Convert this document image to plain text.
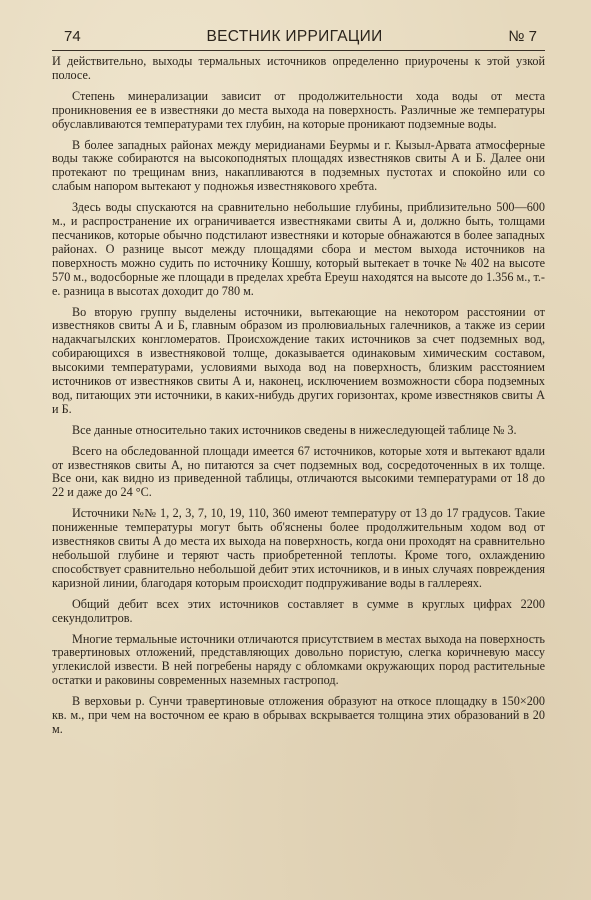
74	ВЕСТНИК ИРРИГАЦИИ	№ 7

И действительно, выходы термальных источников определенно приурочены к этой узкой полосе.

Степень минерализации зависит от продолжительности хода воды от места проникновения ее в известняки до места выхода на поверхность. Различные же температуры обуславливаются температурами тех глубин, на которые проникают подземные воды.

В более западных районах между меридианами Беурмы и г. Кызыл-Арвата атмосферные воды также собираются на высокоподнятых площадях известняков свиты А и Б. Далее они протекают по трещинам вниз, накапливаются в подземных пустотах и спокойно или со слабым напором вытекают у подножья известнякового хребта.

Здесь воды спускаются на сравнительно небольшие глубины, приблизительно 500—600 м., и распространение их ограничивается известняками свиты А и, должно быть, толщами песчаников, которые обычно подстилают известняки и которые обнажаются в более западных районах. О разнице высот между площадями сбора и местом выхода источников на поверхность можно судить по источнику Кошшу, который вытекает в точке № 402 на высоте 570 м., водосборные же площади в пределах хребта Ереуш находятся на высоте до 1.356 м., т.-е. разница в высотах доходит до 780 м.

Во вторую группу выделены источники, вытекающие на некотором расстоянии от известняков свиты А и Б, главным образом из пролювиальных галечников, а также из серии надакчагылских конгломератов. Происхождение таких источников за счет подземных вод, собирающихся в известняковой толще, доказывается одинаковым химическим составом, высокими температурами, условиями выхода вод на поверхность, близким расстоянием источников от известняков свиты А и, наконец, исключением возможности сбора подземных вод, питающих эти источники, в каких-нибудь других горизонтах, кроме известняков свиты А и Б.

Все данные относительно таких источников сведены в нижеследующей таблице № 3.

Всего на обследованной площади имеется 67 источников, которые хотя и вытекают вдали от известняков свиты А, но питаются за счет подземных вод, сосредоточенных в их толще. Все они, как видно из приведенной таблицы, отличаются высокими температурами от 18 до 22 и даже до 24 °С.

Источники №№ 1, 2, 3, 7, 10, 19, 110, 360 имеют температуру от 13 до 17 градусов. Такие пониженные температуры могут быть об'яснены более продолжительным ходом вод от известняков свиты А до места их выхода на поверхность, когда они проходят на сравнительно небольшой глубине и теряют часть приобретенной теплоты. Кроме того, охлаждению способствует сравнительно небольшой дебит этих источников, и в иных случаях повреждения каризной линии, благодаря которым происходит подпруживание воды в галлереях.

Общий дебит всех этих источников составляет в сумме в круглых цифрах 2200 секундолитров.

Многие термальные источники отличаются присутствием в местах выхода на поверхность травертиновых отложений, представляющих довольно пористую, слегка коричневую массу углекислой извести. В ней погребены наряду с обломками окружающих пород растительные остатки и раковины современных наземных гастропод.

В верховьи р. Сунчи травертиновые отложения образуют на откосе площадку в 150×200 кв. м., при чем на восточном ее краю в обрывах вскрывается толщина этих образований в 20 м.
